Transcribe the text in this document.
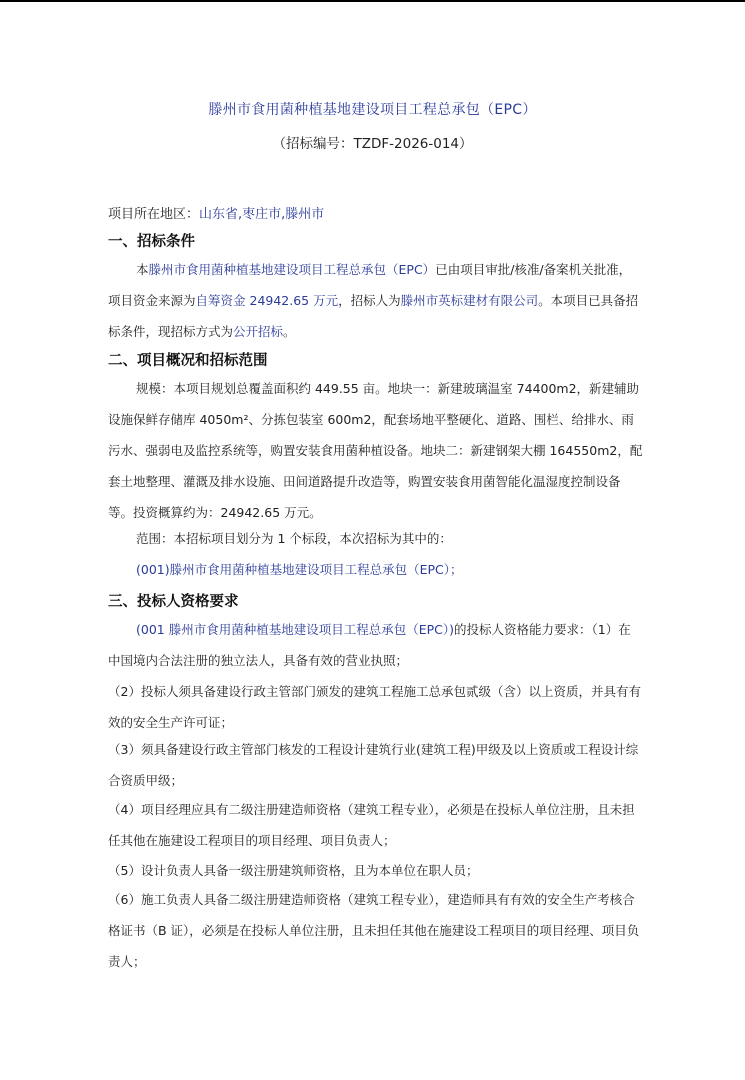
滕州市食用菌种植基地建设项目工程总承包（EPC）
（招标编号：TZDF-2026-014）
项目所在地区：山东省,枣庄市,滕州市
一、招标条件
本滕州市食用菌种植基地建设项目工程总承包（EPC）已由项目审批/核准/备案机关批准，项目资金来源为自筹资金 24942.65 万元，招标人为滕州市英标建材有限公司。本项目已具备招标条件，现招标方式为公开招标。
二、项目概况和招标范围
规模：本项目规划总覆盖面积约 449.55 亩。地块一：新建玻璃温室 74400m2，新建辅助设施保鲜存储库 4050m²、分拣包装室 600m2，配套场地平整硬化、道路、围栏、给排水、雨污水、强弱电及监控系统等，购置安装食用菌种植设备。地块二：新建钢架大棚 164550m2，配套土地整理、灌溉及排水设施、田间道路提升改造等，购置安装食用菌智能化温湿度控制设备等。投资概算约为：24942.65 万元。
范围：本招标项目划分为 1 个标段，本次招标为其中的：
(001)滕州市食用菌种植基地建设项目工程总承包（EPC）；
三、投标人资格要求
(001 滕州市食用菌种植基地建设项目工程总承包（EPC）)的投标人资格能力要求：（1）在中国境内合法注册的独立法人，具备有效的营业执照；
（2）投标人须具备建设行政主管部门颁发的建筑工程施工总承包贰级（含）以上资质，并具有有效的安全生产许可证；
（3）须具备建设行政主管部门核发的工程设计建筑行业(建筑工程)甲级及以上资质或工程设计综合资质甲级；
（4）项目经理应具有二级注册建造师资格（建筑工程专业），必须是在投标人单位注册，且未担任其他在施建设工程项目的项目经理、项目负责人；
（5）设计负责人具备一级注册建筑师资格，且为本单位在职人员；
（6）施工负责人具备二级注册建造师资格（建筑工程专业），建造师具有有效的安全生产考核合格证书（B 证），必须是在投标人单位注册，且未担任其他在施建设工程项目的项目经理、项目负责人；
